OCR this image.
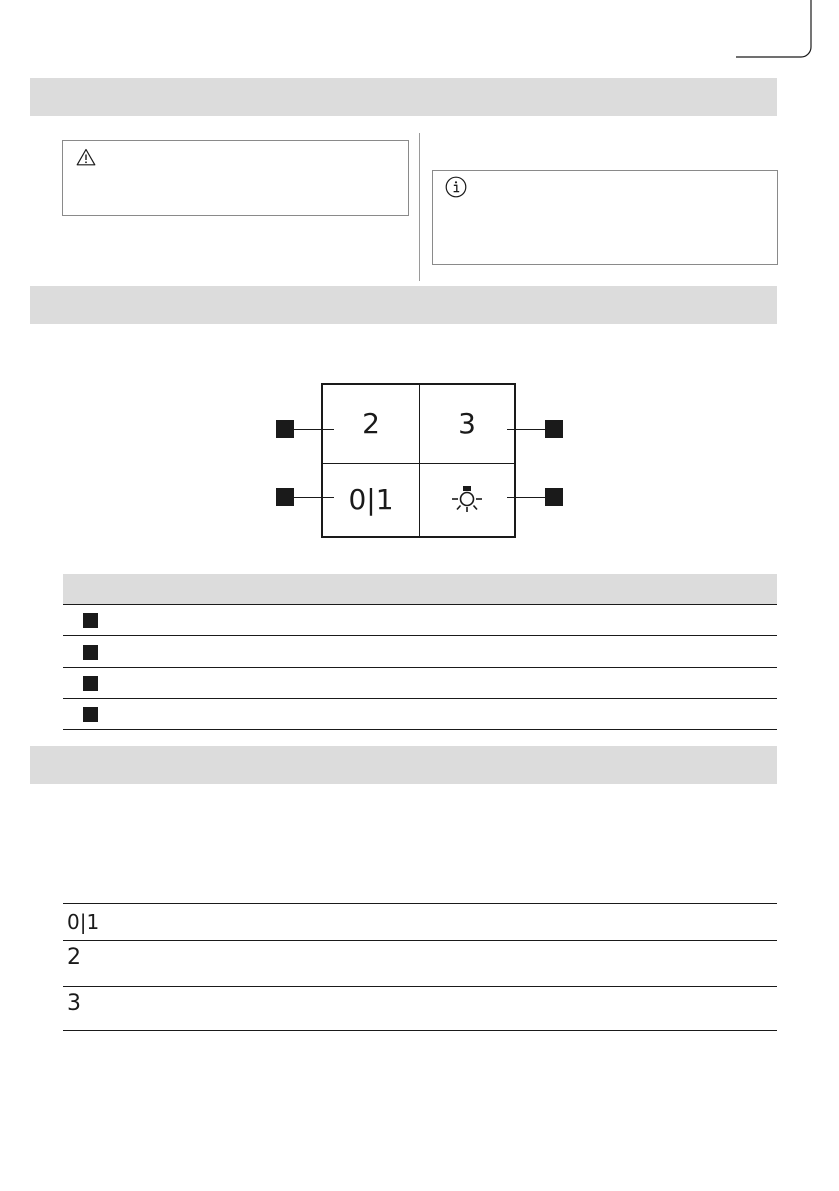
2	3
0|1
0|1
2
3
